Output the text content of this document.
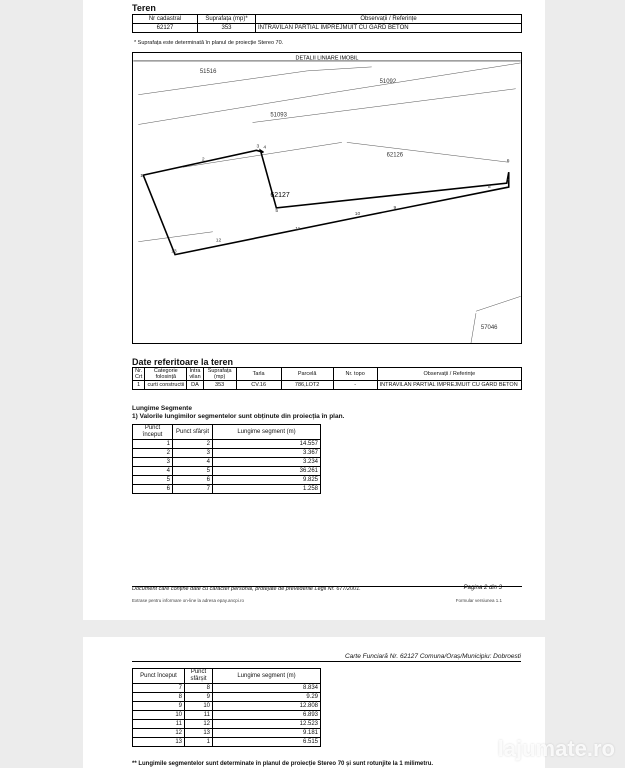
Teren
Nr cadastral	Suprafața (mp)*	Observații / Referințe
62127	353	INTRAVILAN PARTIAL IMPREJMUIT CU GARD BETON
* Suprafața este determinată în planul de proiecție Stereo 70.
DETALII LINIARE IMOBIL
51516
51092
51093
62126
62127
57046
1
2
3 4
5
6
7
8
9
10
11
12
13
Date referitoare la teren
Nr. Crt	Categorie folosință	Intra vilan	Suprafața (mp)	Tarla	Parcelă	Nr. topo	Observații / Referințe
1	curti constructii	DA	353	CV.16	786,LOT2	-	INTRAVILAN PARTIAL IMPREJMUIT CU GARD BETON
Lungime Segmente
1) Valorile lungimilor segmentelor sunt obținute din proiecția în plan.
Punct început	Punct sfârșit	Lungime segment (m)
1	2	14.557
2	3	3.367
3	4	3.234
4	5	36.261
5	6	9.825
6	7	1.258
Document care conține date cu caracter personal, protejate de prevederile Legii Nr. 677/2001.	Pagina 2 din 3
Extrase pentru informare on-line la adresa epay.ancpi.ro	Formular versiunea 1.1
Carte Funciară Nr. 62127 Comuna/Oraș/Municipiu: Dobroesti
Punct început	Punct sfârșit	Lungime segment (m)
7	8	8.834
8	9	9.29
9	10	12.808
10	11	6.893
11	12	12.523
12	13	9.181
13	1	6.515
** Lungimile segmentelor sunt determinate în planul de proiecție Stereo 70 și sunt rotunjite la 1 milimetru.
lajumate.ro
